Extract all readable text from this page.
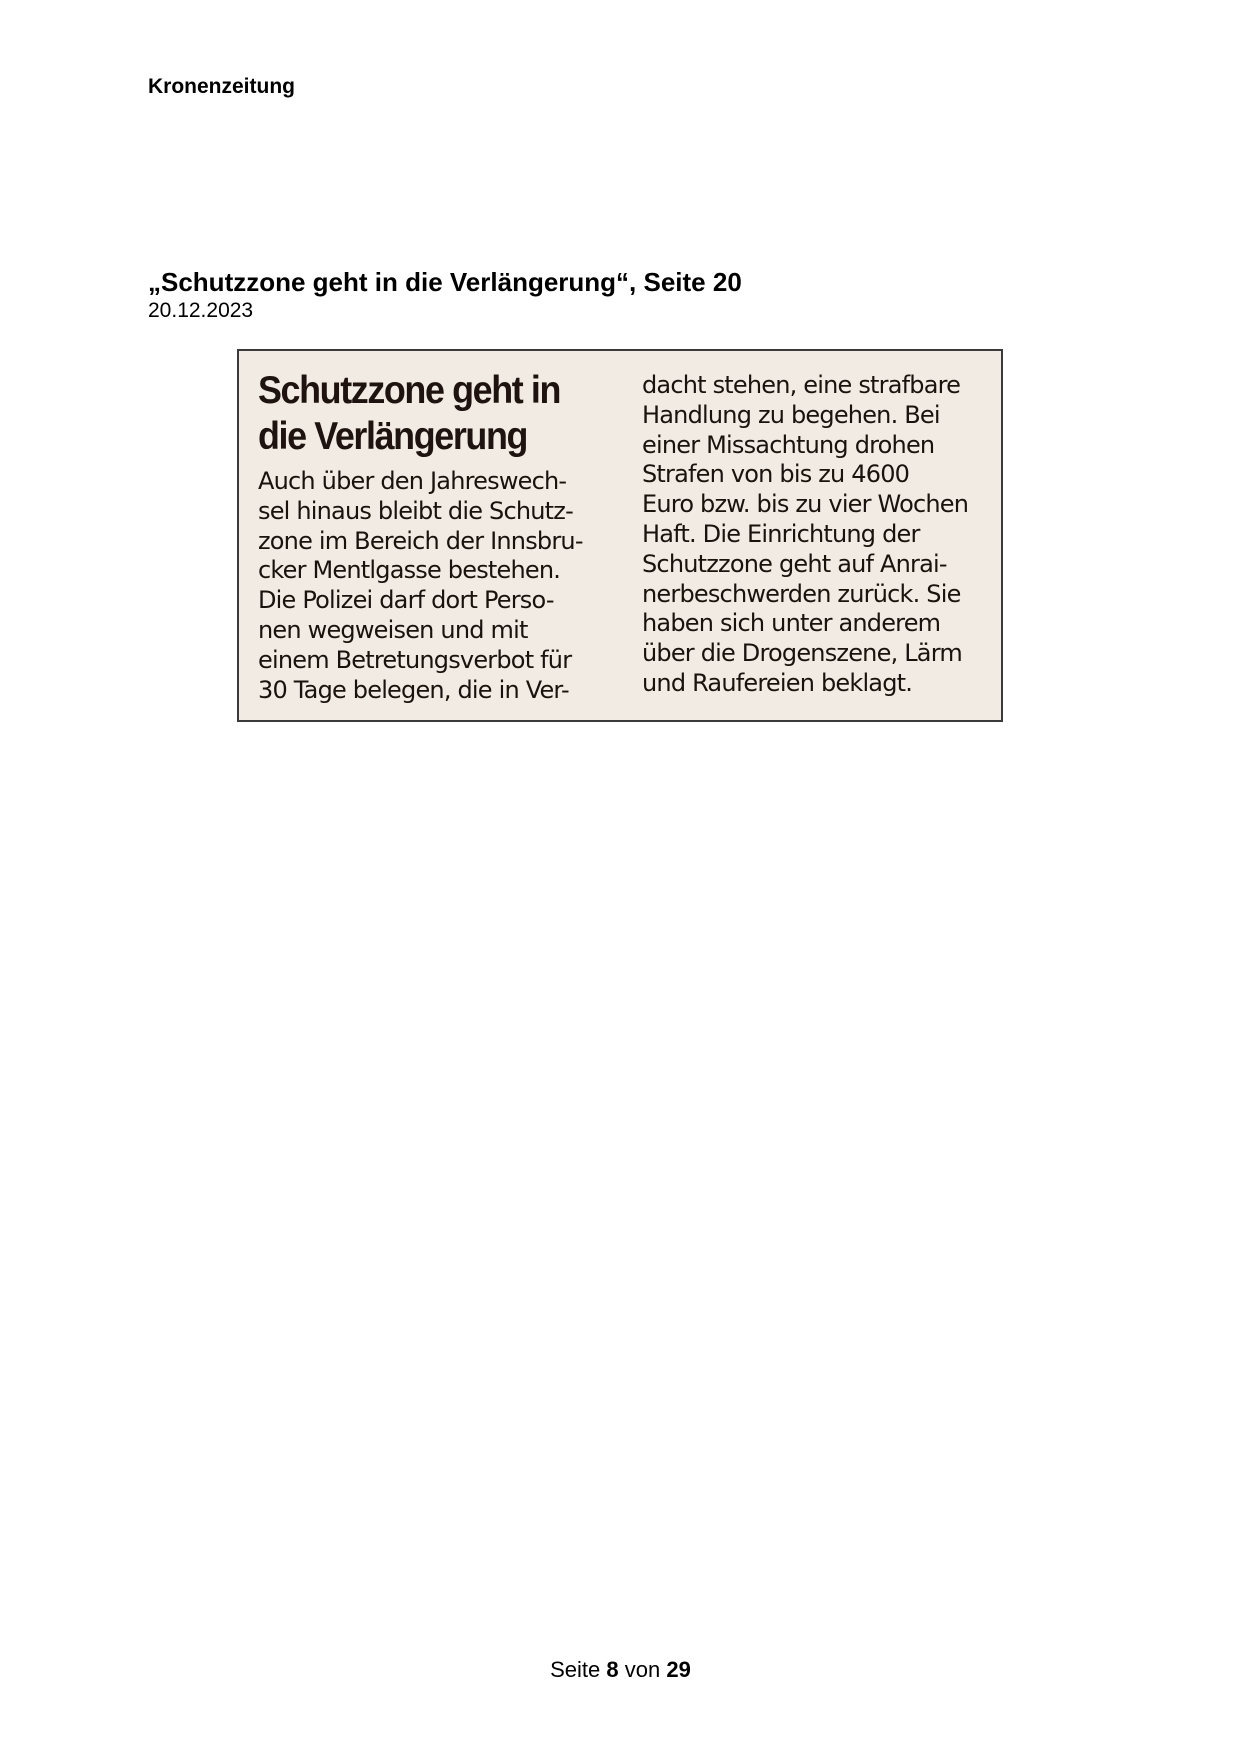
Kronenzeitung
„Schutzzone geht in die Verlängerung“, Seite 20
20.12.2023
Schutzzone geht in
die Verlängerung
Auch über den Jahreswech-
sel hinaus bleibt die Schutz-
zone im Bereich der Innsbru-
cker Mentlgasse bestehen.
Die Polizei darf dort Perso-
nen wegweisen und mit
einem Betretungsverbot für
30 Tage belegen, die in Ver-
dacht stehen, eine strafbare
Handlung zu begehen. Bei
einer Missachtung drohen
Strafen von bis zu 4600
Euro bzw. bis zu vier Wochen
Haft. Die Einrichtung der
Schutzzone geht auf Anrai-
nerbeschwerden zurück. Sie
haben sich unter anderem
über die Drogenszene, Lärm
und Raufereien beklagt.
Seite 8 von 29
